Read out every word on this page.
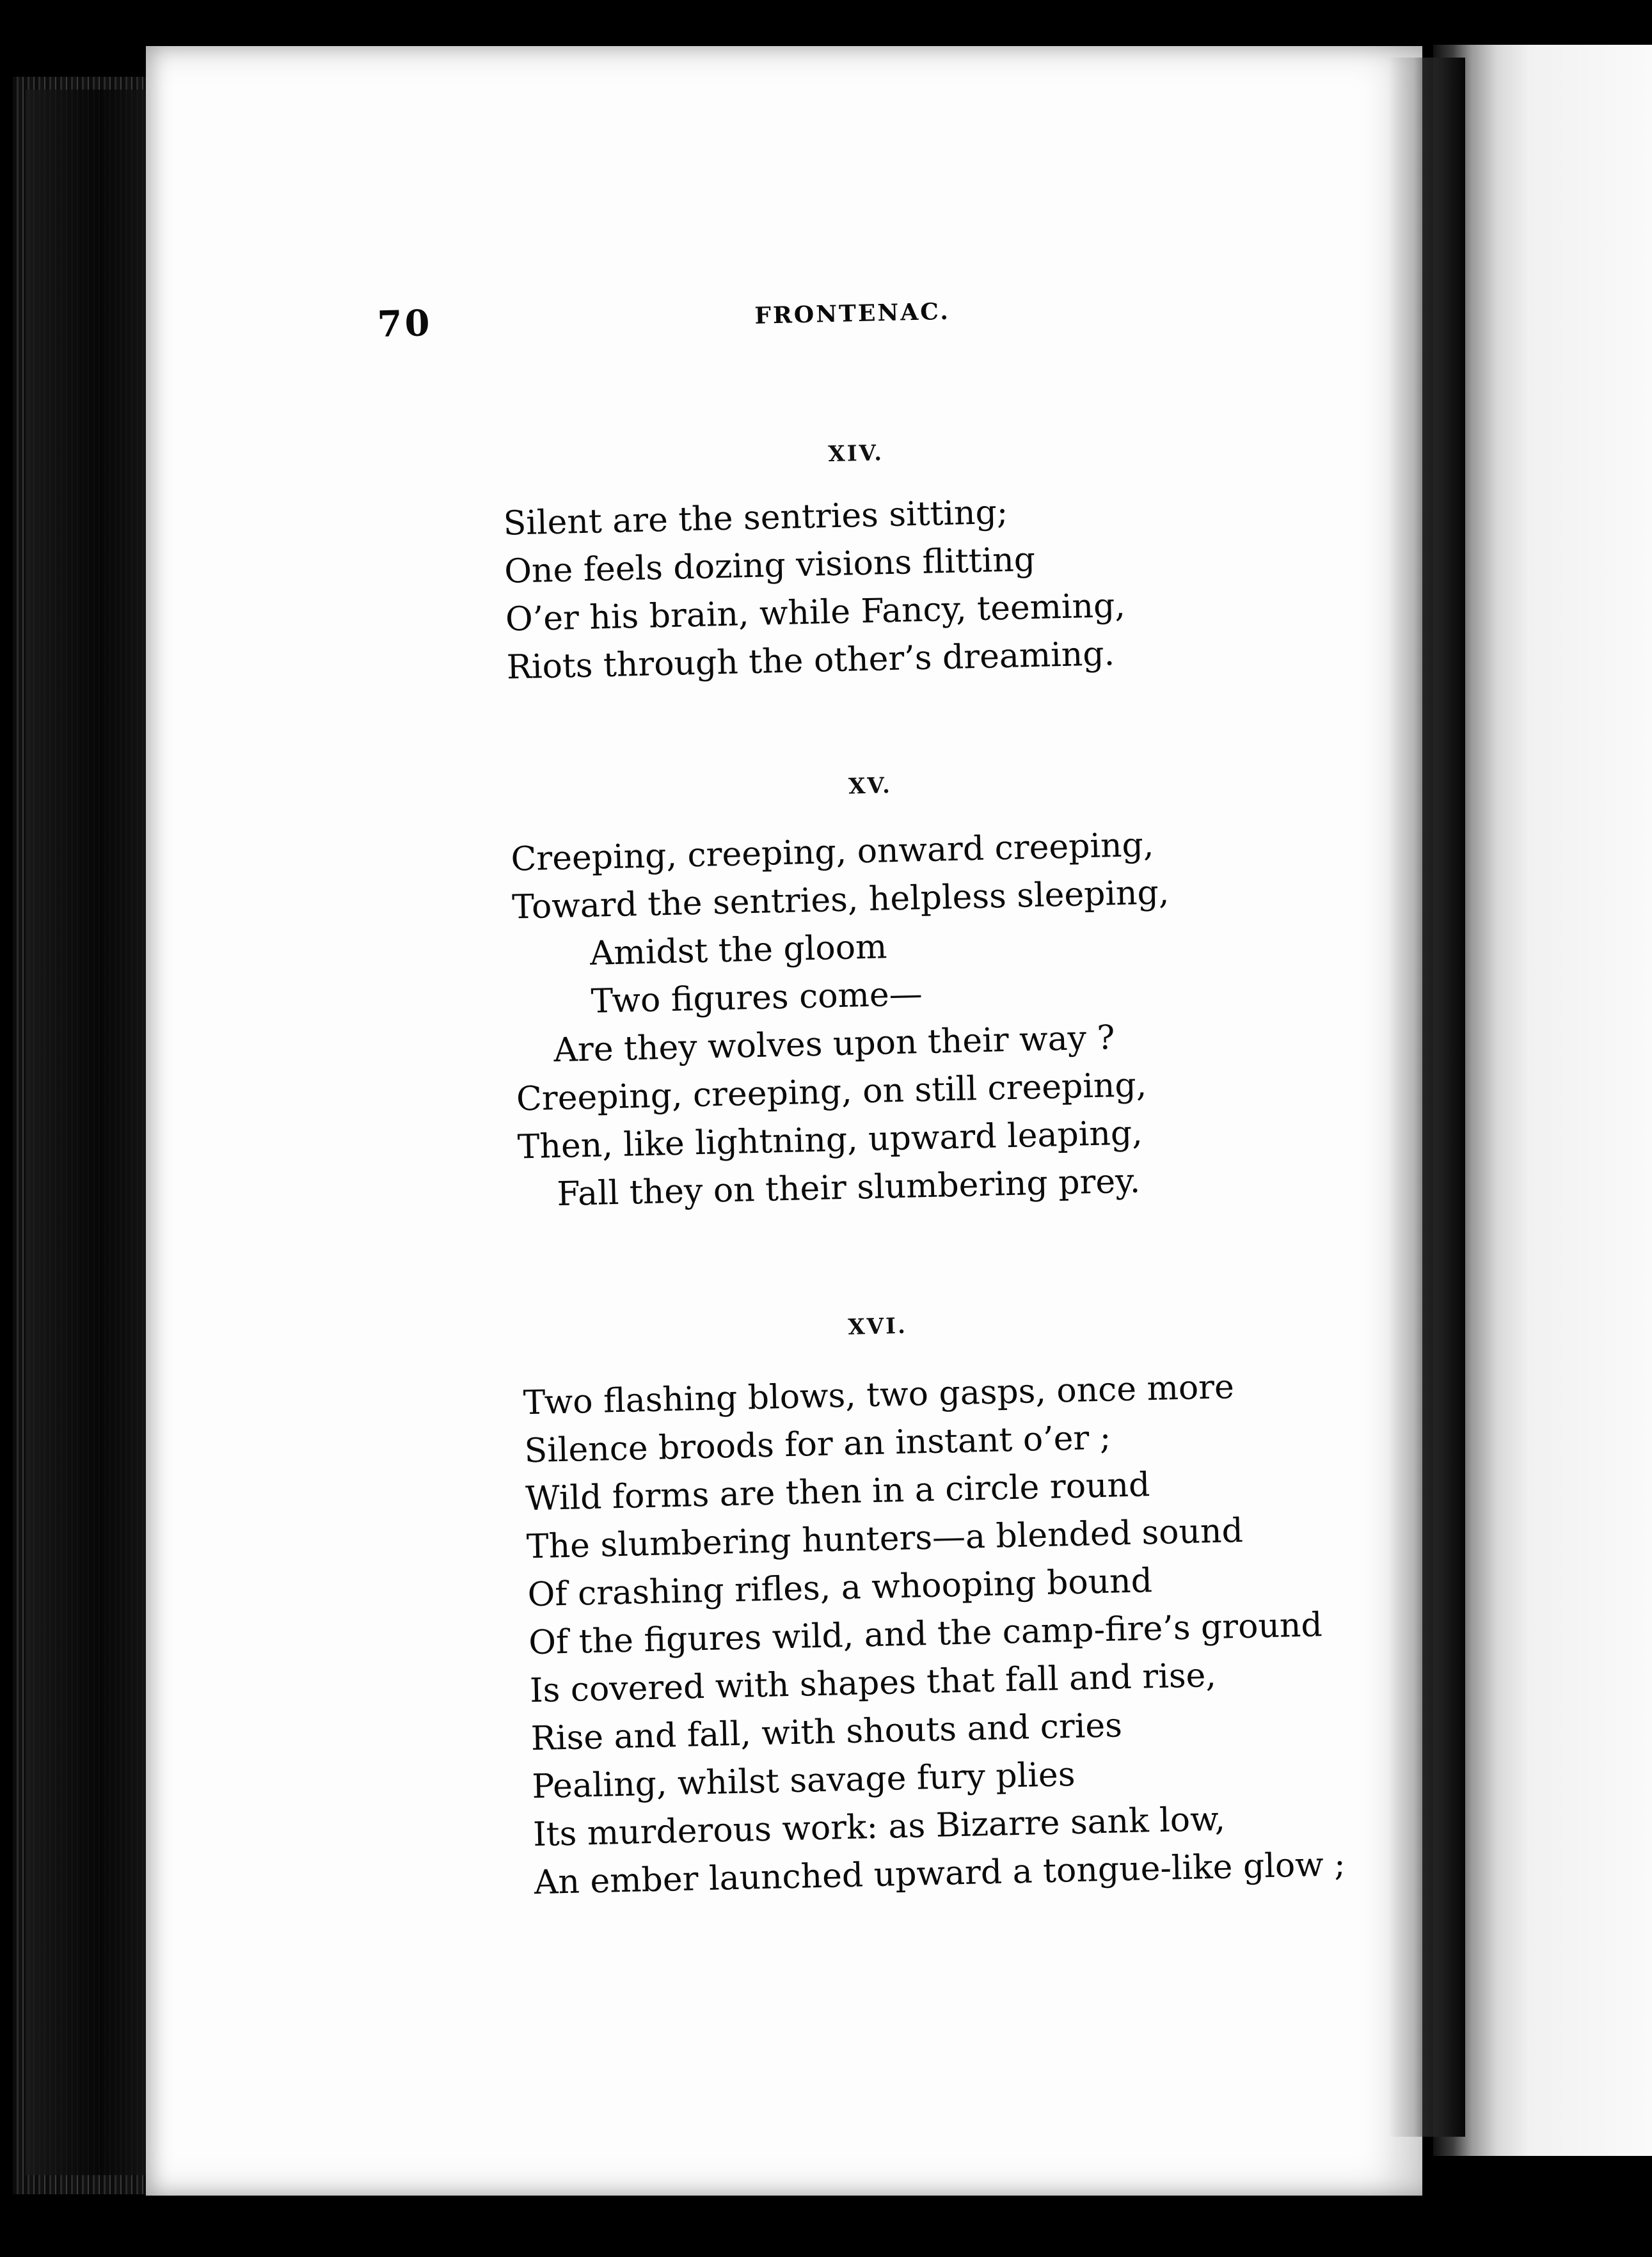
70	FRONTENAC.
XIV.
Silent are the sentries sitting;
One feels dozing visions flitting
O’er his brain, while Fancy, teeming,
Riots through the other’s dreaming.
XV.
Creeping, creeping, onward creeping,
Toward the sentries, helpless sleeping,
Amidst the gloom
Two figures come—
Are they wolves upon their way ?
Creeping, creeping, on still creeping,
Then, like lightning, upward leaping,
Fall they on their slumbering prey.
XVI.
Two flashing blows, two gasps, once more
Silence broods for an instant o’er ;
Wild forms are then in a circle round
The slumbering hunters—a blended sound
Of crashing rifles, a whooping bound
Of the figures wild, and the camp-fire’s ground
Is covered with shapes that fall and rise,
Rise and fall, with shouts and cries
Pealing, whilst savage fury plies
Its murderous work: as Bizarre sank low,
An ember launched upward a tongue-like glow ;
